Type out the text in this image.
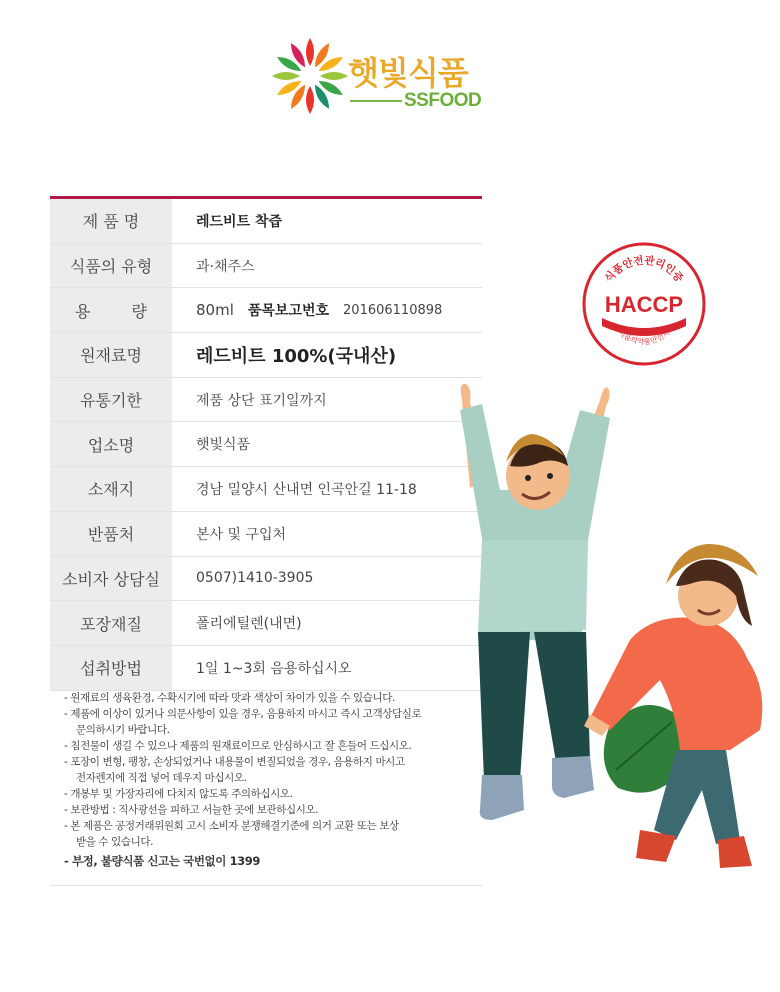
햇빛식품
SSFOOD
제 품 명	레드비트 착즙
식품의 유형	과·채주스
용 량	80ml 품목보고번호 201606110898
원재료명	레드비트 100%(국내산)
유통기한	제품 상단 표기일까지
업소명	햇빛식품
소재지	경남 밀양시 산내면 인곡안길 11-18
반품처	본사 및 구입처
소비자 상담실	0507)1410-3905
포장재질	폴리에틸렌(내면)
섭취방법	1일 1~3회 음용하십시오
- 원재료의 생육환경, 수확시기에 따라 맛과 색상이 차이가 있을 수 있습니다.
- 제품에 이상이 있거나 의문사항이 있을 경우, 음용하지 마시고 즉시 고객상담실로
문의하시기 바랍니다.
- 침전물이 생길 수 있으나 제품의 원재료이므로 안심하시고 잘 흔들어 드십시오.
- 포장이 변형, 팽창, 손상되었거나 내용물이 변질되었을 경우, 음용하지 마시고
전자렌지에 직접 넣어 데우지 마십시오.
- 개봉부 및 가장자리에 다치지 않도록 주의하십시오.
- 보관방법 : 직사광선을 피하고 서늘한 곳에 보관하십시오.
- 본 제품은 공정거래위원회 고시 소비자 분쟁해결기준에 의거 교환 또는 보상
받을 수 있습니다.
- 부정, 불량식품 신고는 국번없이 1399
식품안전관리인증
HACCP
식품의약품안전처
